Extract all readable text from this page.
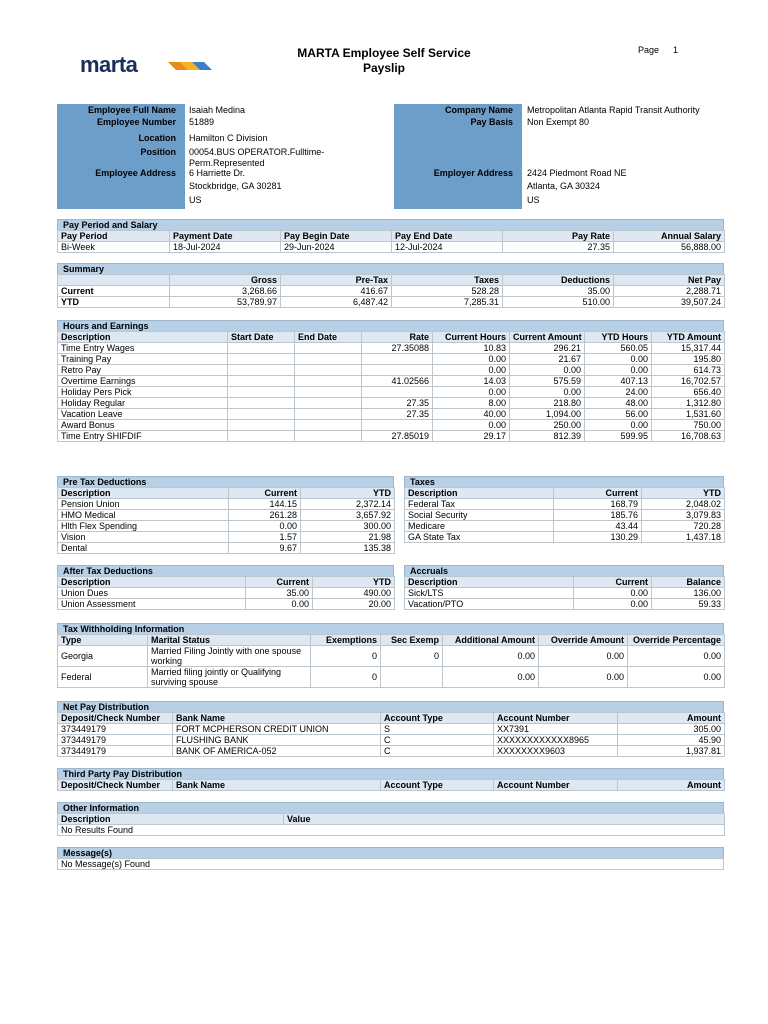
marta	MARTA Employee Self Service
Payslip
Page 1
Employee Full Name Isaiah Medina
Employee Number 51889
Location Hamilton C Division
Position 00054.BUS OPERATOR.Fulltime-Perm.Represented
Employee Address 6 Harriette Dr.
Stockbridge, GA 30281
US
Company Name Metropolitan Atlanta Rapid Transit Authority
Pay Basis Non Exempt 80
Employer Address 2424 Piedmont Road NE
Atlanta, GA 30324
US
Pay Period and Salary
Pay Period	Payment Date	Pay Begin Date	Pay End Date	Pay Rate	Annual Salary
Bi-Week	18-Jul-2024	29-Jun-2024	12-Jul-2024	27.35	56,888.00
Summary
	Gross	Pre-Tax	Taxes	Deductions	Net Pay
Current	3,268.66	416.67	528.28	35.00	2,288.71
YTD	53,789.97	6,487.42	7,285.31	510.00	39,507.24
Hours and Earnings
Description	Start Date	End Date	Rate	Current Hours	Current Amount	YTD Hours	YTD Amount
Time Entry Wages			27.35088	10.83	296.21	560.05	15,317.44
Training Pay				0.00	21.67	0.00	195.80
Retro Pay				0.00	0.00	0.00	614.73
Overtime Earnings			41.02566	14.03	575.59	407.13	16,702.57
Holiday Pers Pick				0.00	0.00	24.00	656.40
Holiday Regular			27.35	8.00	218.80	48.00	1,312.80
Vacation Leave			27.35	40.00	1,094.00	56.00	1,531.60
Award Bonus				0.00	250.00	0.00	750.00
Time Entry SHIFDIF			27.85019	29.17	812.39	599.95	16,708.63
Pre Tax Deductions
Description	Current	YTD
Pension Union	144.15	2,372.14
HMO Medical	261.28	3,657.92
Hlth Flex Spending	0.00	300.00
Vision	1.57	21.98
Dental	9.67	135.38
Taxes
Description	Current	YTD
Federal Tax	168.79	2,048.02
Social Security	185.76	3,079.83
Medicare	43.44	720.28
GA State Tax	130.29	1,437.18
After Tax Deductions
Description	Current	YTD
Union Dues	35.00	490.00
Union Assessment	0.00	20.00
Accruals
Description	Current	Balance
Sick/LTS	0.00	136.00
Vacation/PTO	0.00	59.33
Tax Withholding Information
Type	Marital Status	Exemptions	Sec Exemp	Additional Amount	Override Amount	Override Percentage
Georgia	Married Filing Jointly with one spouse working	0	0	0.00	0.00	0.00
Federal	Married filing jointly or Qualifying surviving spouse	0		0.00	0.00	0.00
Net Pay Distribution
Deposit/Check Number	Bank Name	Account Type	Account Number	Amount
373449179	FORT MCPHERSON CREDIT UNION	S	XX7391	305.00
373449179	FLUSHING BANK	C	XXXXXXXXXXXX8965	45.90
373449179	BANK OF AMERICA-052	C	XXXXXXXX9603	1,937.81
Third Party Pay Distribution
Deposit/Check Number	Bank Name	Account Type	Account Number	Amount
Other Information
Description	Value
No Results Found
Message(s)
No Message(s) Found
